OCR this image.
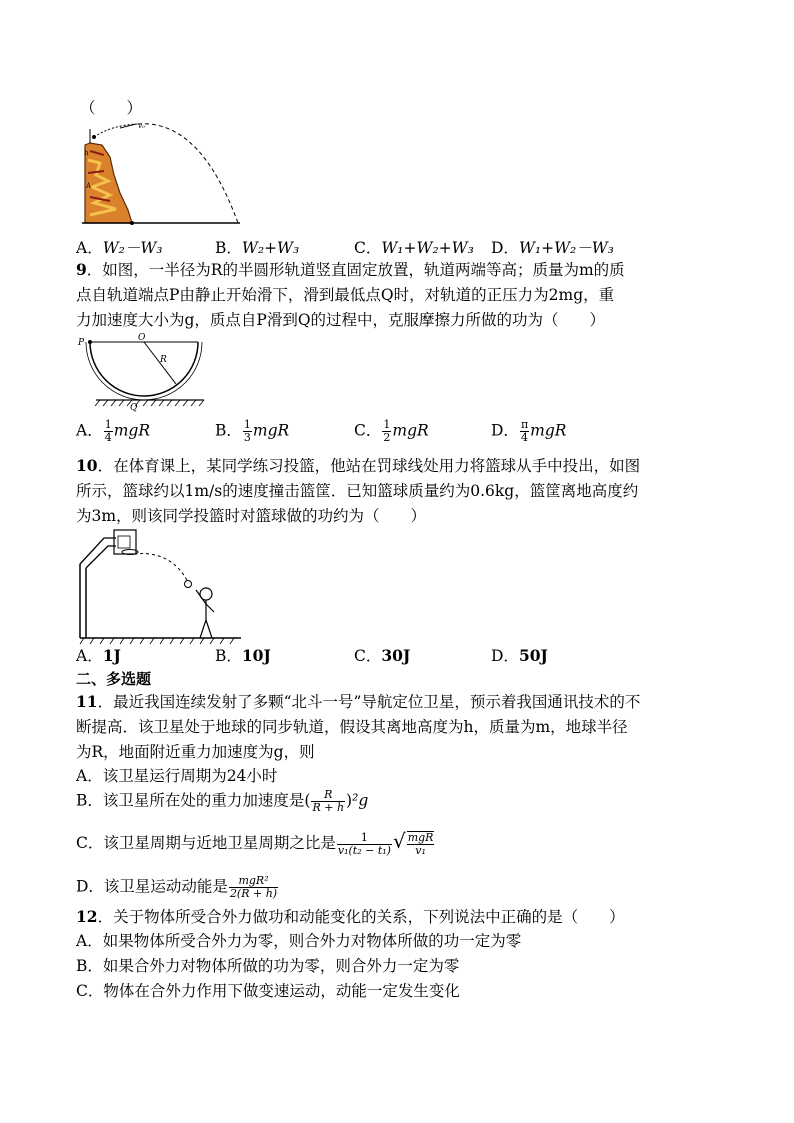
（　　）
v₀
h
A
A．W₂－W₃	B．W₂+W₃	C．W₁+W₂+W₃ D．W₁+W₂－W₃
9．如图，一半径为R的半圆形轨道竖直固定放置，轨道两端等高；质量为m的质
点自轨道端点P由静止开始滑下，滑到最低点Q时，对轨道的正压力为2mg，重
力加速度大小为g，质点自P滑到Q的过程中，克服摩擦力所做的功为（　　）
P	O
R
Q
A． $\frac{1}{4}$ mgR	B． $\frac{1}{3}$ mgR	C． $\frac{1}{2}$ mgR	D． $\frac{\pi}{4}$ mgR
10．在体育课上，某同学练习投篮，他站在罚球线处用力将篮球从手中投出，如图
所示，篮球约以1m/s的速度撞击篮筐．已知篮球质量约为0.6kg，篮筐离地高度约
为3m，则该同学投篮时对篮球做的功约为（　　）
A．1J	B．10J	C．30J	D．50J
二、多选题
11．最近我国连续发射了多颗“北斗一号”导航定位卫星，预示着我国通讯技术的不
断提高．该卫星处于地球的同步轨道，假设其离地高度为h，质量为m，地球半径
为R，地面附近重力加速度为g，则
A．该卫星运行周期为24小时
B．该卫星所在处的重力加速度是( $\frac{R}{R + h} )^2g$
C．该卫星周期与近地卫星周期之比是 $\frac{1}{\text{v₁(t₂ − t₁)}}$ √ $\frac{\text{mgR}}{\text{v₁}}$
D．该卫星运动动能是 $\frac{\text{mgR²}}{2(R + h)}$
12．关于物体所受合外力做功和动能变化的关系，下列说法中正确的是（　　）
A．如果物体所受合外力为零，则合外力对物体所做的功一定为零
B．如果合外力对物体所做的功为零，则合外力一定为零
C．物体在合外力作用下做变速运动，动能一定发生变化
